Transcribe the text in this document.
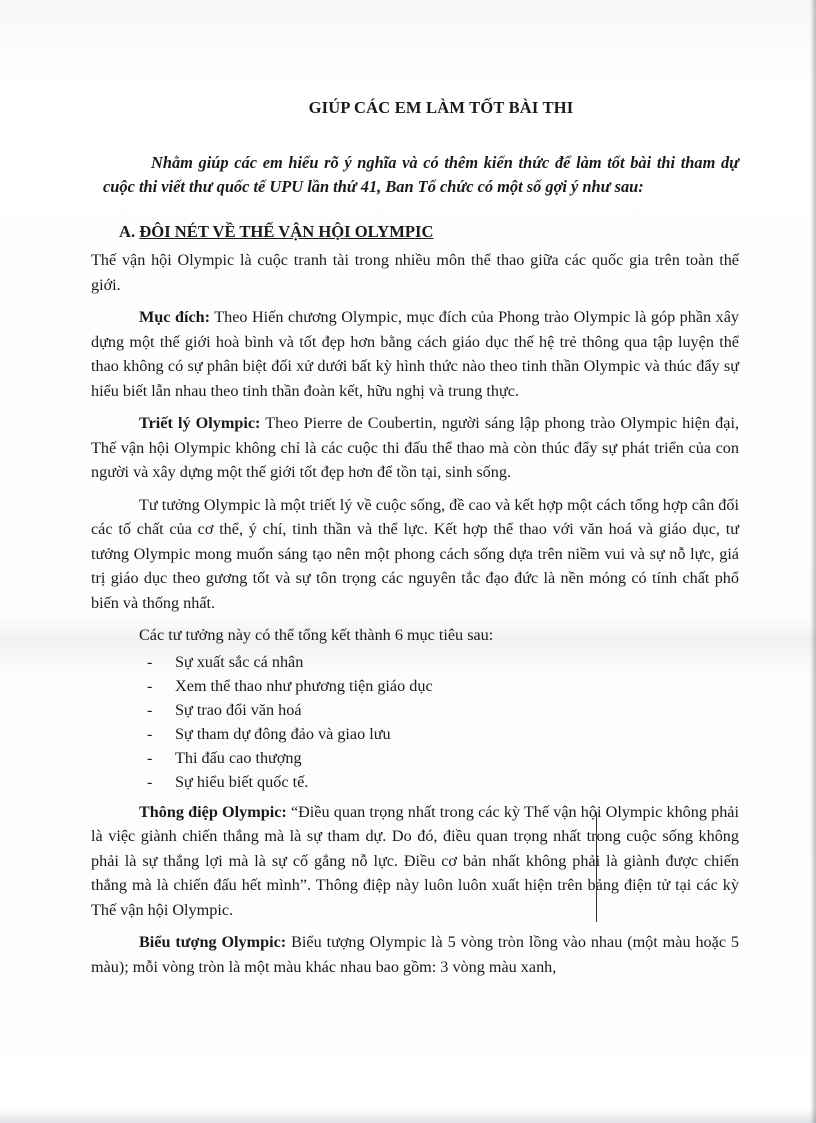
GIÚP CÁC EM LÀM TỐT BÀI THI

Nhằm giúp các em hiểu rõ ý nghĩa và có thêm kiến thức để làm tốt bài thi tham dự cuộc thi viết thư quốc tế UPU lần thứ 41, Ban Tổ chức có một số gợi ý như sau:

A. ĐÔI NÉT VỀ THẾ VẬN HỘI OLYMPIC

Thế vận hội Olympic là cuộc tranh tài trong nhiều môn thể thao giữa các quốc gia trên toàn thế giới.

Mục đích: Theo Hiến chương Olympic, mục đích của Phong trào Olympic là góp phần xây dựng một thế giới hoà bình và tốt đẹp hơn bằng cách giáo dục thế hệ trẻ thông qua tập luyện thể thao không có sự phân biệt đối xử dưới bất kỳ hình thức nào theo tinh thần Olympic và thúc đẩy sự hiểu biết lẫn nhau theo tinh thần đoàn kết, hữu nghị và trung thực.

Triết lý Olympic: Theo Pierre de Coubertin, người sáng lập phong trào Olympic hiện đại, Thế vận hội Olympic không chỉ là các cuộc thi đấu thể thao mà còn thúc đẩy sự phát triển của con người và xây dựng một thế giới tốt đẹp hơn để tồn tại, sinh sống.

Tư tưởng Olympic là một triết lý về cuộc sống, đề cao và kết hợp một cách tổng hợp cân đối các tố chất của cơ thể, ý chí, tinh thần và thể lực. Kết hợp thể thao với văn hoá và giáo dục, tư tưởng Olympic mong muốn sáng tạo nên một phong cách sống dựa trên niềm vui và sự nỗ lực, giá trị giáo dục theo gương tốt và sự tôn trọng các nguyên tắc đạo đức là nền móng có tính chất phổ biến và thống nhất.

Các tư tưởng này có thể tổng kết thành 6 mục tiêu sau:

- Sự xuất sắc cá nhân
- Xem thể thao như phương tiện giáo dục
- Sự trao đổi văn hoá
- Sự tham dự đông đảo và giao lưu
- Thi đấu cao thượng
- Sự hiểu biết quốc tế.

Thông điệp Olympic: “Điều quan trọng nhất trong các kỳ Thế vận hội Olympic không phải là việc giành chiến thắng mà là sự tham dự. Do đó, điều quan trọng nhất trong cuộc sống không phải là sự thắng lợi mà là sự cố gắng nỗ lực. Điều cơ bản nhất không phải là giành được chiến thắng mà là chiến đấu hết mình”. Thông điệp này luôn luôn xuất hiện trên bảng điện tử tại các kỳ Thế vận hội Olympic.

Biểu tượng Olympic: Biểu tượng Olympic là 5 vòng tròn lồng vào nhau (một màu hoặc 5 màu); mỗi vòng tròn là một màu khác nhau bao gồm: 3 vòng màu xanh,
